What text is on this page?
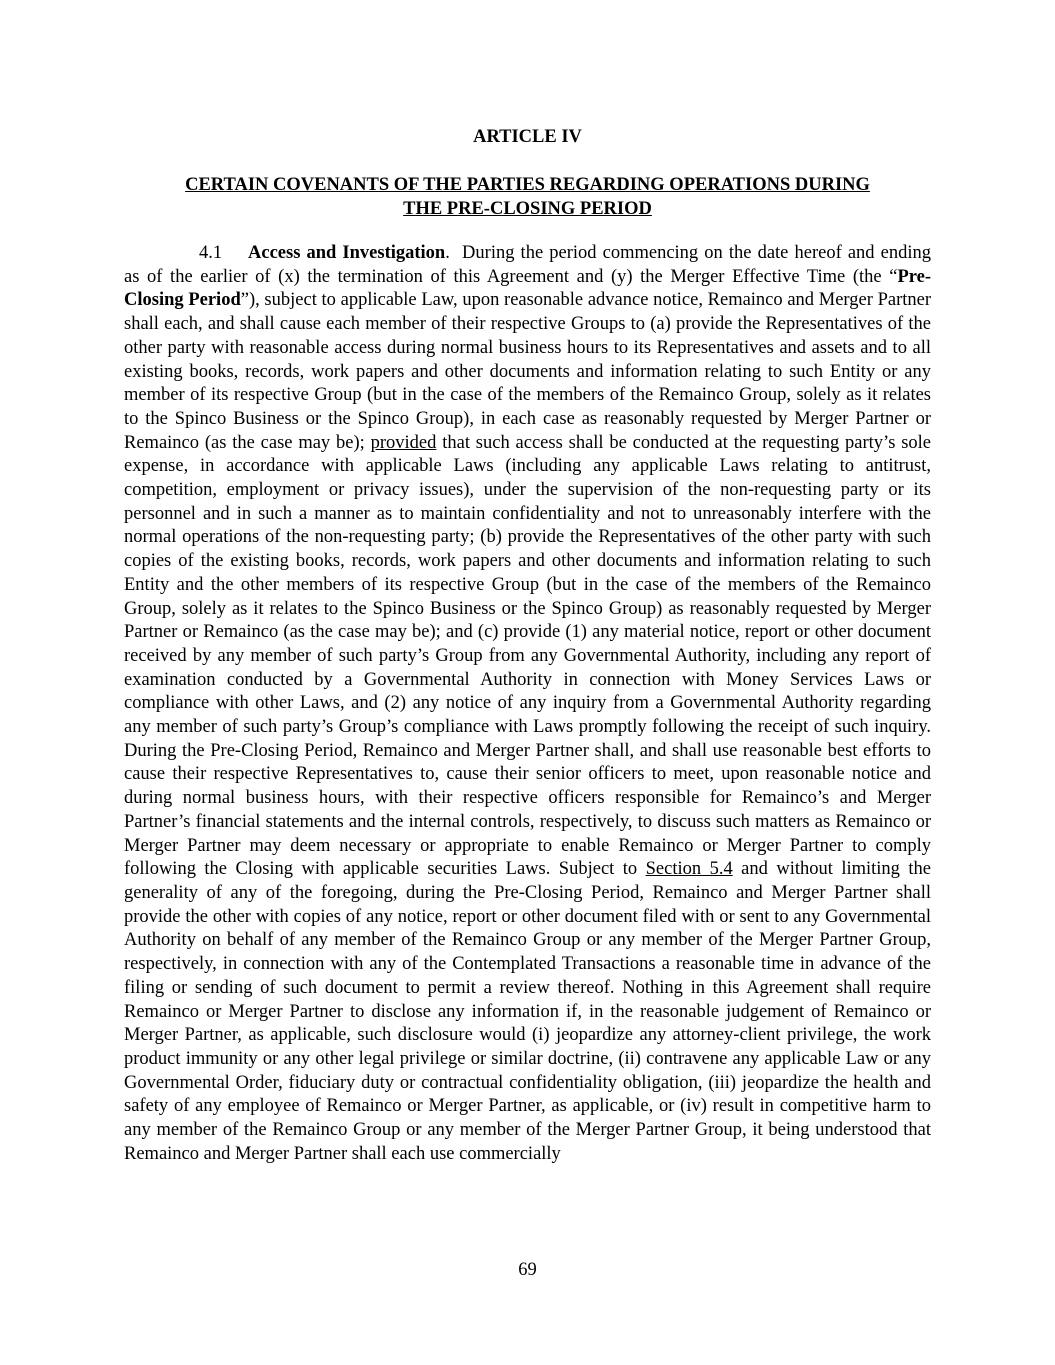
ARTICLE IV
CERTAIN COVENANTS OF THE PARTIES REGARDING OPERATIONS DURING
THE PRE-CLOSING PERIOD
4.1 Access and Investigation. During the period commencing on the date hereof and ending as of the earlier of (x) the termination of this Agreement and (y) the Merger Effective Time (the “Pre-Closing Period”), subject to applicable Law, upon reasonable advance notice, Remainco and Merger Partner shall each, and shall cause each member of their respective Groups to (a) provide the Representatives of the other party with reasonable access during normal business hours to its Representatives and assets and to all existing books, records, work papers and other documents and information relating to such Entity or any member of its respective Group (but in the case of the members of the Remainco Group, solely as it relates to the Spinco Business or the Spinco Group), in each case as reasonably requested by Merger Partner or Remainco (as the case may be); provided that such access shall be conducted at the requesting party’s sole expense, in accordance with applicable Laws (including any applicable Laws relating to antitrust, competition, employment or privacy issues), under the supervision of the non-requesting party or its personnel and in such a manner as to maintain confidentiality and not to unreasonably interfere with the normal operations of the non-requesting party; (b) provide the Representatives of the other party with such copies of the existing books, records, work papers and other documents and information relating to such Entity and the other members of its respective Group (but in the case of the members of the Remainco Group, solely as it relates to the Spinco Business or the Spinco Group) as reasonably requested by Merger Partner or Remainco (as the case may be); and (c) provide (1) any material notice, report or other document received by any member of such party’s Group from any Governmental Authority, including any report of examination conducted by a Governmental Authority in connection with Money Services Laws or compliance with other Laws, and (2) any notice of any inquiry from a Governmental Authority regarding any member of such party’s Group’s compliance with Laws promptly following the receipt of such inquiry. During the Pre-Closing Period, Remainco and Merger Partner shall, and shall use reasonable best efforts to cause their respective Representatives to, cause their senior officers to meet, upon reasonable notice and during normal business hours, with their respective officers responsible for Remainco’s and Merger Partner’s financial statements and the internal controls, respectively, to discuss such matters as Remainco or Merger Partner may deem necessary or appropriate to enable Remainco or Merger Partner to comply following the Closing with applicable securities Laws. Subject to Section 5.4 and without limiting the generality of any of the foregoing, during the Pre-Closing Period, Remainco and Merger Partner shall provide the other with copies of any notice, report or other document filed with or sent to any Governmental Authority on behalf of any member of the Remainco Group or any member of the Merger Partner Group, respectively, in connection with any of the Contemplated Transactions a reasonable time in advance of the filing or sending of such document to permit a review thereof. Nothing in this Agreement shall require Remainco or Merger Partner to disclose any information if, in the reasonable judgement of Remainco or Merger Partner, as applicable, such disclosure would (i) jeopardize any attorney-client privilege, the work product immunity or any other legal privilege or similar doctrine, (ii) contravene any applicable Law or any Governmental Order, fiduciary duty or contractual confidentiality obligation, (iii) jeopardize the health and safety of any employee of Remainco or Merger Partner, as applicable, or (iv) result in competitive harm to any member of the Remainco Group or any member of the Merger Partner Group, it being understood that Remainco and Merger Partner shall each use commercially
69
